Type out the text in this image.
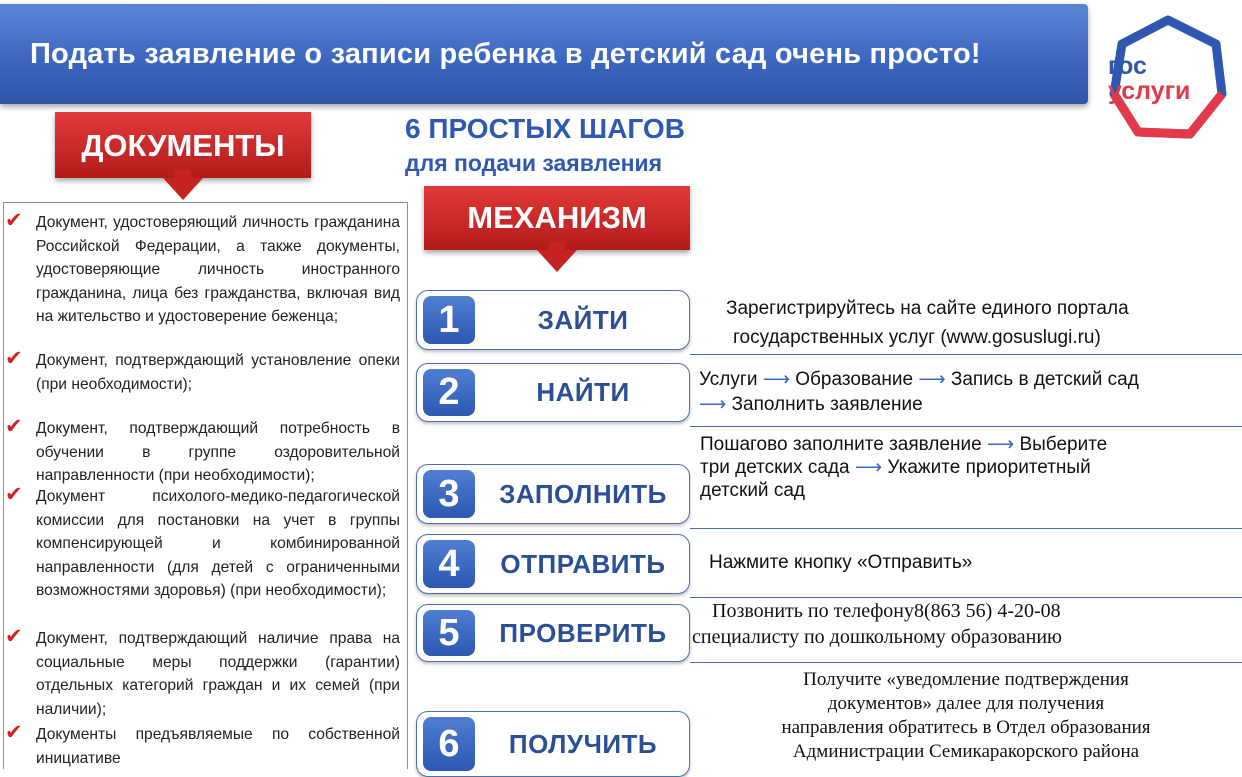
Подать заявление о записи ребенка в детский сад очень просто!	гос
услуги
ДОКУМЕНТЫ	6 ПРОСТЫХ ШАГОВ
для подачи заявления
МЕХАНИЗМ
✔ Документ, удостоверяющий личность гражданина Российской Федерации, а также документы, удостоверяющие личность иностранного гражданина, лица без гражданства, включая вид на жительство и удостоверение беженца;
✔ Документ, подтверждающий установление опеки (при необходимости);
✔ Документ, подтверждающий потребность в обучении в группе оздоровительной направленности (при необходимости);
✔ Документ психолого-медико-педагогической комиссии для постановки на учет в группы компенсирующей и комбинированной направленности (для детей с ограниченными возможностями здоровья) (при необходимости);
✔ Документ, подтверждающий наличие права на социальные меры поддержки (гарантии) отдельных категорий граждан и их семей (при наличии);
✔ Документы предъявляемые по собственной инициативе
1	ЗАЙТИ	Зарегистрируйтесь на сайте единого портала
государственных услуг (www.gosuslugi.ru)
2	НАЙТИ	Услуги ⟶ Образование ⟶ Запись в детский сад
⟶ Заполнить заявление
3	ЗАПОЛНИТЬ
Пошагово заполните заявление ⟶ Выберите
три детских сада ⟶ Укажите приоритетный
детский сад
4	ОТПРАВИТЬ	Нажмите кнопку «Отправить»
5	ПРОВЕРИТЬ
Позвонить по телефону8(863 56) 4-20-08
специалисту по дошкольному образованию
6	ПОЛУЧИТЬ
Получите «уведомление подтверждения
документов» далее для получения
направления обратитесь в Отдел образования
Администрации Семикаракорского района
